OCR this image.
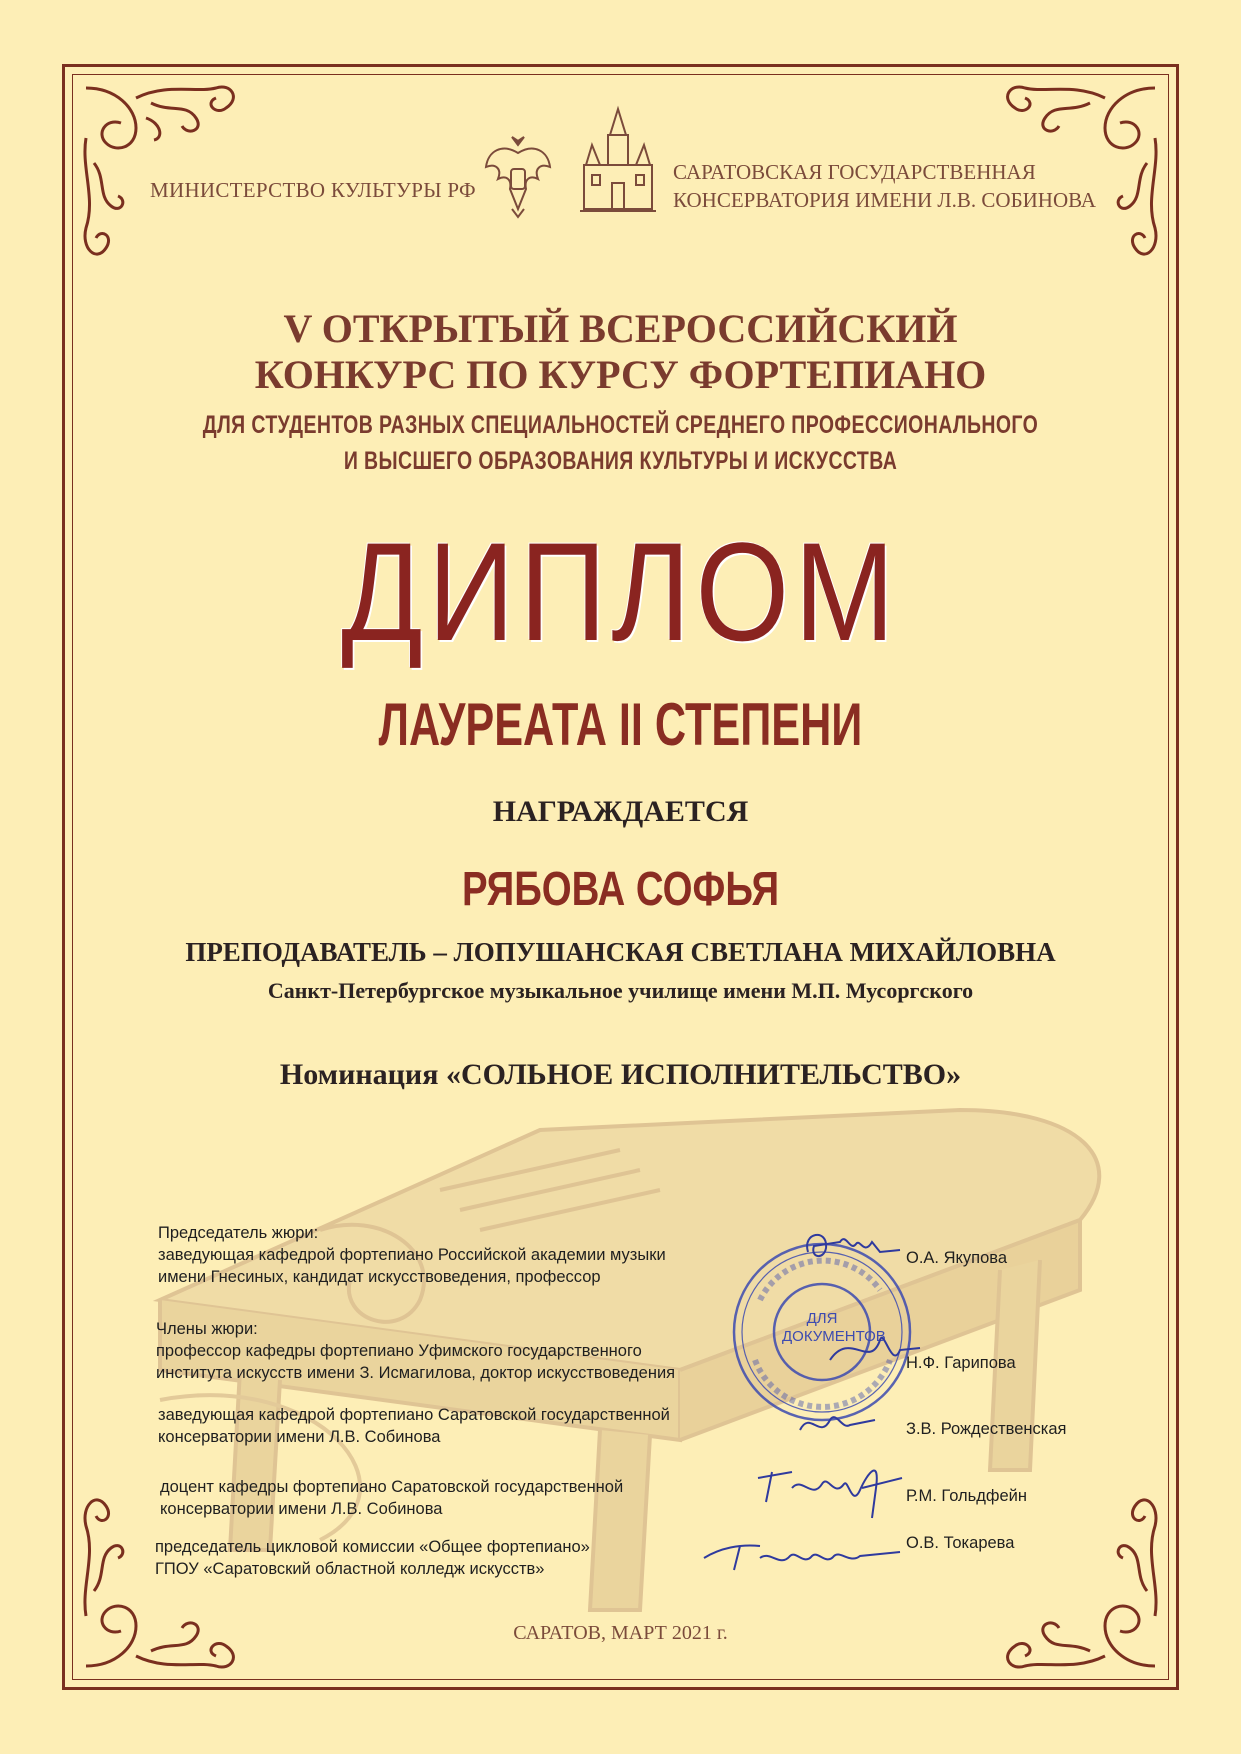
МИНИСТЕРСТВО КУЛЬТУРЫ РФ
САРАТОВСКАЯ ГОСУДАРСТВЕННАЯ
КОНСЕРВАТОРИЯ ИМЕНИ Л.В. СОБИНОВА
V ОТКРЫТЫЙ ВСЕРОССИЙСКИЙ
КОНКУРС ПО КУРСУ ФОРТЕПИАНО
ДЛЯ СТУДЕНТОВ РАЗНЫХ СПЕЦИАЛЬНОСТЕЙ СРЕДНЕГО ПРОФЕССИОНАЛЬНОГО
И ВЫСШЕГО ОБРАЗОВАНИЯ КУЛЬТУРЫ И ИСКУССТВА
ДИПЛОМ
ЛАУРЕАТА II СТЕПЕНИ
НАГРАЖДАЕТСЯ
РЯБОВА СОФЬЯ
ПРЕПОДАВАТЕЛЬ – ЛОПУШАНСКАЯ СВЕТЛАНА МИХАЙЛОВНА
Санкт-Петербургское музыкальное училище имени М.П. Мусоргского
Номинация «СОЛЬНОЕ ИСПОЛНИТЕЛЬСТВО»
Председатель жюри:
заведующая кафедрой фортепиано Российской академии музыки
имени Гнесиных, кандидат искусствоведения, профессор
О.А. Якупова
Члены жюри:
профессор кафедры фортепиано Уфимского государственного
института искусств имени З. Исмагилова, доктор искусствоведения
Н.Ф. Гарипова
заведующая кафедрой фортепиано Саратовской государственной
консерватории имени Л.В. Собинова	З.В. Рождественская
доцент кафедры фортепиано Саратовской государственной
консерватории имени Л.В. Собинова
Р.М. Гольдфейн
председатель цикловой комиссии «Общее фортепиано»
ГПОУ «Саратовский областной колледж искусств»
О.В. Токарева
ДЛЯ ДОКУМЕНТОВ
САРАТОВ, МАРТ 2021 г.
